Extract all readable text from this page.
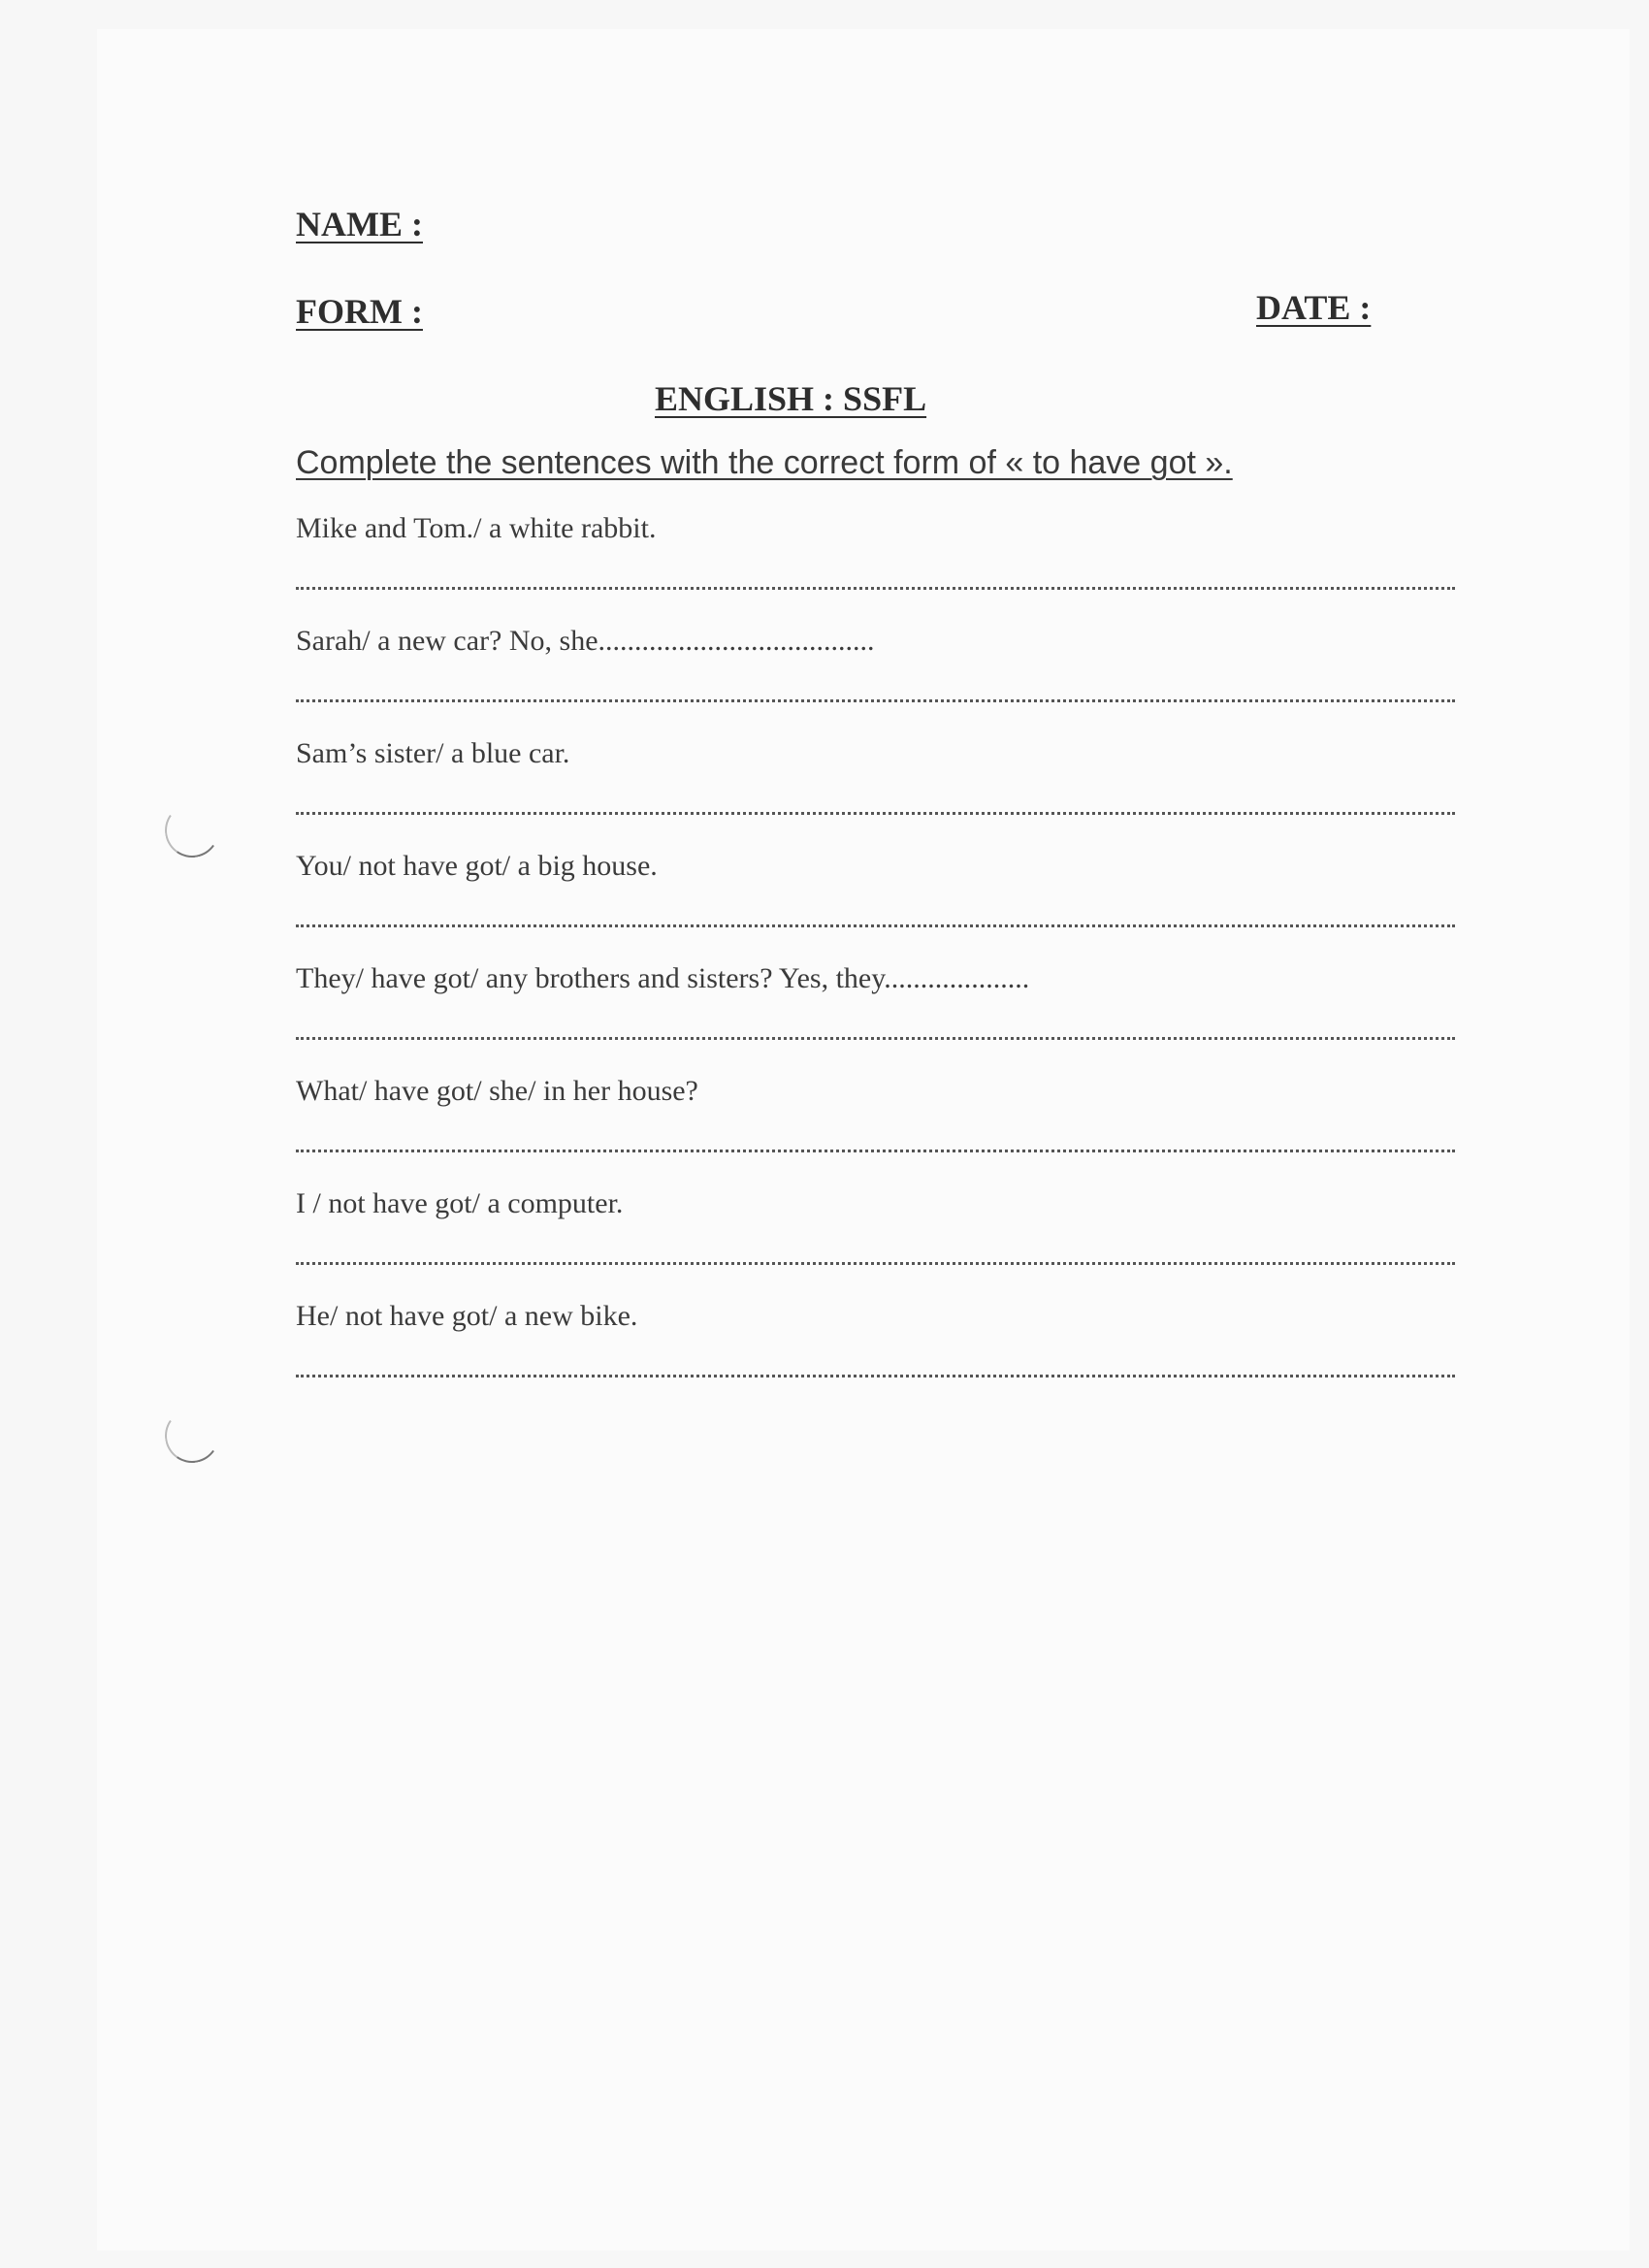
NAME :
FORM :	DATE :
ENGLISH : SSFL
Complete the sentences with the correct form of « to have got ».
Mike and Tom./ a white rabbit.
Sarah/ a new car? No, she......................................
Sam’s sister/ a blue car.
You/ not have got/ a big house.
They/ have got/ any brothers and sisters? Yes, they....................
What/ have got/ she/ in her house?
I / not have got/ a computer.
He/ not have got/ a new bike.
